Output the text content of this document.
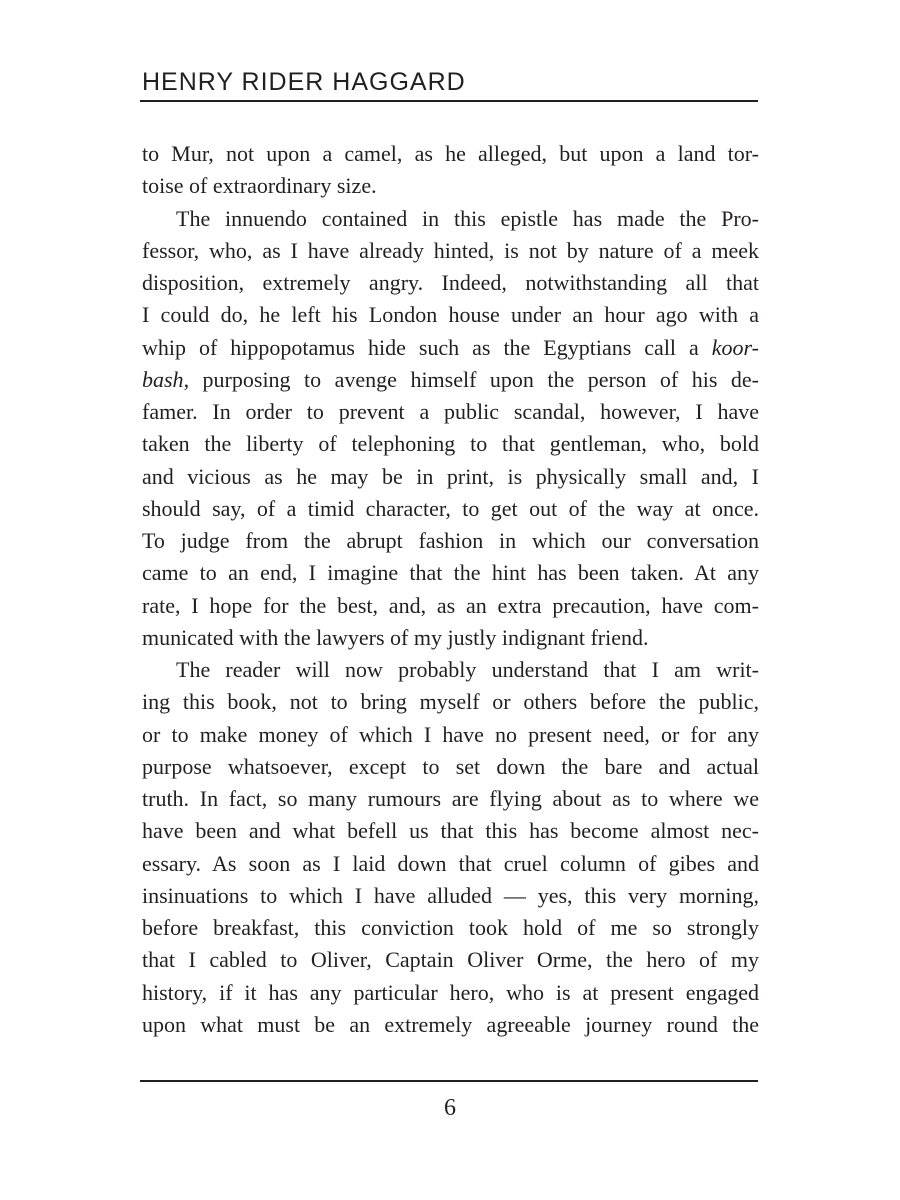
HENRY RIDER HAGGARD
to Mur, not upon a camel, as he alleged, but upon a land tor-
toise of extraordinary size.
The innuendo contained in this epistle has made the Pro-
fessor, who, as I have already hinted, is not by nature of a meek
disposition, extremely angry. Indeed, notwithstanding all that
I could do, he left his London house under an hour ago with a
whip of hippopotamus hide such as the Egyptians call a koor-
bash, purposing to avenge himself upon the person of his de-
famer. In order to prevent a public scandal, however, I have
taken the liberty of telephoning to that gentleman, who, bold
and vicious as he may be in print, is physically small and, I
should say, of a timid character, to get out of the way at once.
To judge from the abrupt fashion in which our conversation
came to an end, I imagine that the hint has been taken. At any
rate, I hope for the best, and, as an extra precaution, have com-
municated with the lawyers of my justly indignant friend.
The reader will now probably understand that I am writ-
ing this book, not to bring myself or others before the public,
or to make money of which I have no present need, or for any
purpose whatsoever, except to set down the bare and actual
truth. In fact, so many rumours are flying about as to where we
have been and what befell us that this has become almost nec-
essary. As soon as I laid down that cruel column of gibes and
insinuations to which I have alluded — yes, this very morning,
before breakfast, this conviction took hold of me so strongly
that I cabled to Oliver, Captain Oliver Orme, the hero of my
history, if it has any particular hero, who is at present engaged
upon what must be an extremely agreeable journey round the
6
